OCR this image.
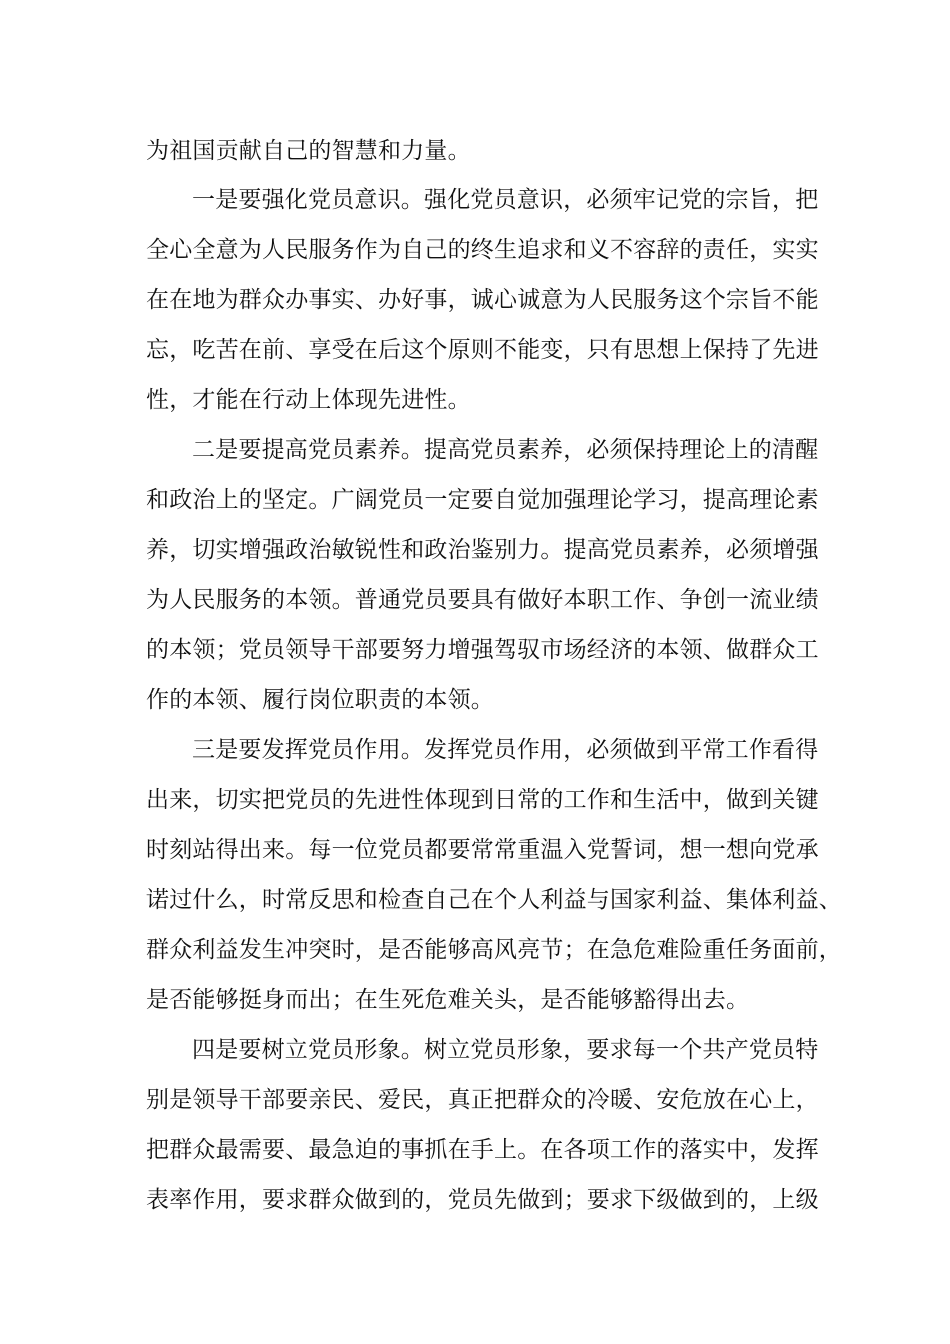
为祖国贡献自己的智慧和力量。
一是要强化党员意识。强化党员意识，必须牢记党的宗旨，把
全心全意为人民服务作为自己的终生追求和义不容辞的责任，实实
在在地为群众办事实、办好事，诚心诚意为人民服务这个宗旨不能
忘，吃苦在前、享受在后这个原则不能变，只有思想上保持了先进
性，才能在行动上体现先进性。
二是要提高党员素养。提高党员素养，必须保持理论上的清醒
和政治上的坚定。广阔党员一定要自觉加强理论学习，提高理论素
养，切实增强政治敏锐性和政治鉴别力。提高党员素养，必须增强
为人民服务的本领。普通党员要具有做好本职工作、争创一流业绩
的本领；党员领导干部要努力增强驾驭市场经济的本领、做群众工
作的本领、履行岗位职责的本领。
三是要发挥党员作用。发挥党员作用，必须做到平常工作看得
出来，切实把党员的先进性体现到日常的工作和生活中，做到关键
时刻站得出来。每一位党员都要常常重温入党誓词，想一想向党承
诺过什么，时常反思和检查自己在个人利益与国家利益、集体利益、
群众利益发生冲突时，是否能够高风亮节；在急危难险重任务面前，
是否能够挺身而出；在生死危难关头，是否能够豁得出去。
四是要树立党员形象。树立党员形象，要求每一个共产党员特
别是领导干部要亲民、爱民，真正把群众的冷暖、安危放在心上，
把群众最需要、最急迫的事抓在手上。在各项工作的落实中，发挥
表率作用，要求群众做到的，党员先做到；要求下级做到的，上级
